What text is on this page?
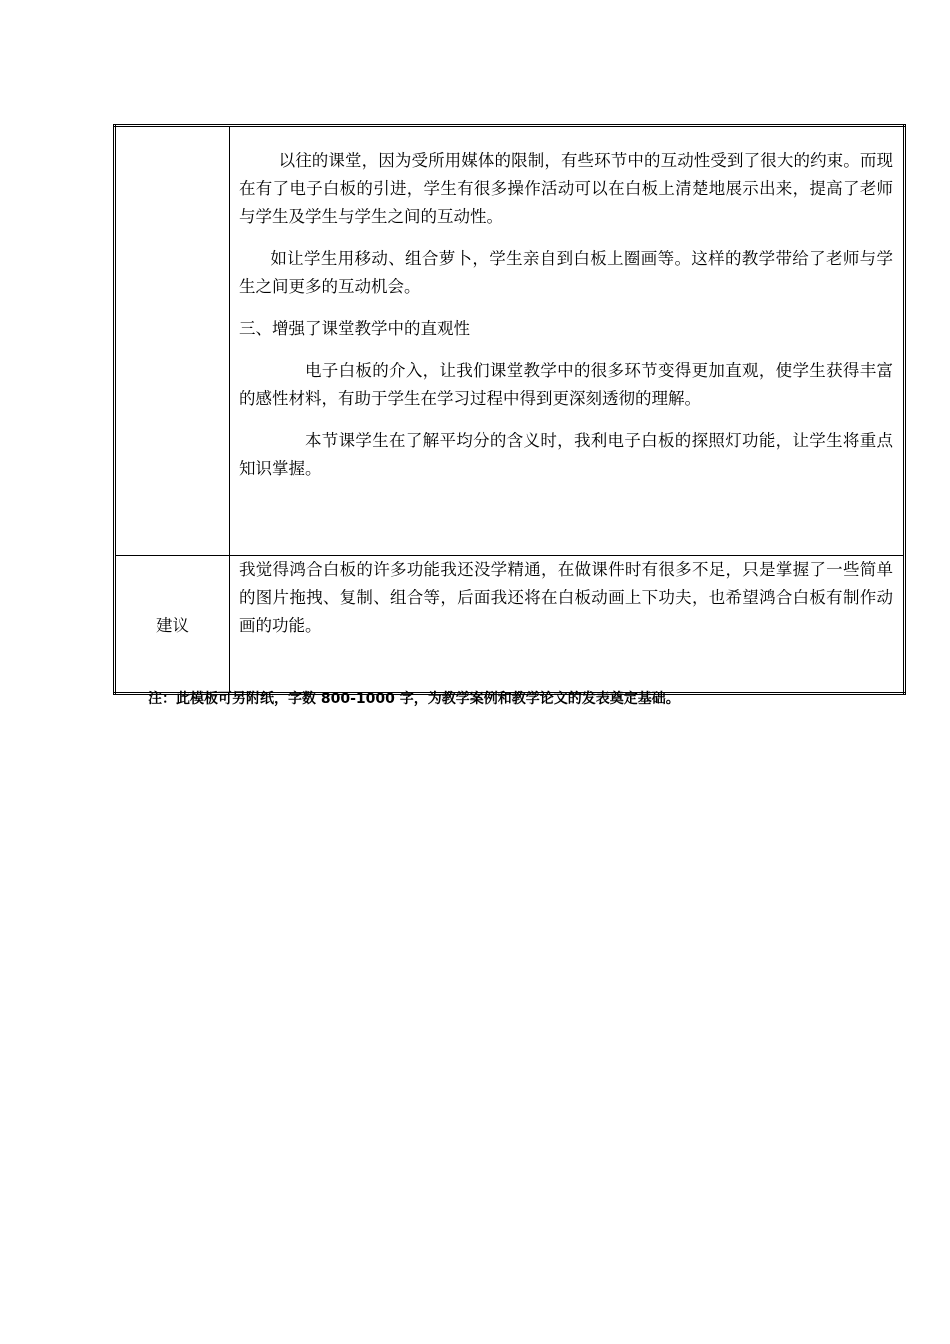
	以往的课堂，因为受所用媒体的限制，有些环节中的互动性受到了很大的约束。而现在有了电子白板的引进，学生有很多操作活动可以在白板上清楚地展示出来，提高了老师与学生及学生与学生之间的互动性。

如让学生用移动、组合萝卜，学生亲自到白板上圈画等。这样的教学带给了老师与学生之间更多的互动机会。

三、增强了课堂教学中的直观性

电子白板的介入，让我们课堂教学中的很多环节变得更加直观，使学生获得丰富的感性材料，有助于学生在学习过程中得到更深刻透彻的理解。

本节课学生在了解平均分的含义时，我利电子白板的探照灯功能，让学生将重点知识掌握。

建议	我觉得鸿合白板的许多功能我还没学精通，在做课件时有很多不足，只是掌握了一些简单的图片拖拽、复制、组合等，后面我还将在白板动画上下功夫，也希望鸿合白板有制作动画的功能。
注：此模板可另附纸，字数 800-1000 字，为教学案例和教学论文的发表奠定基础。
